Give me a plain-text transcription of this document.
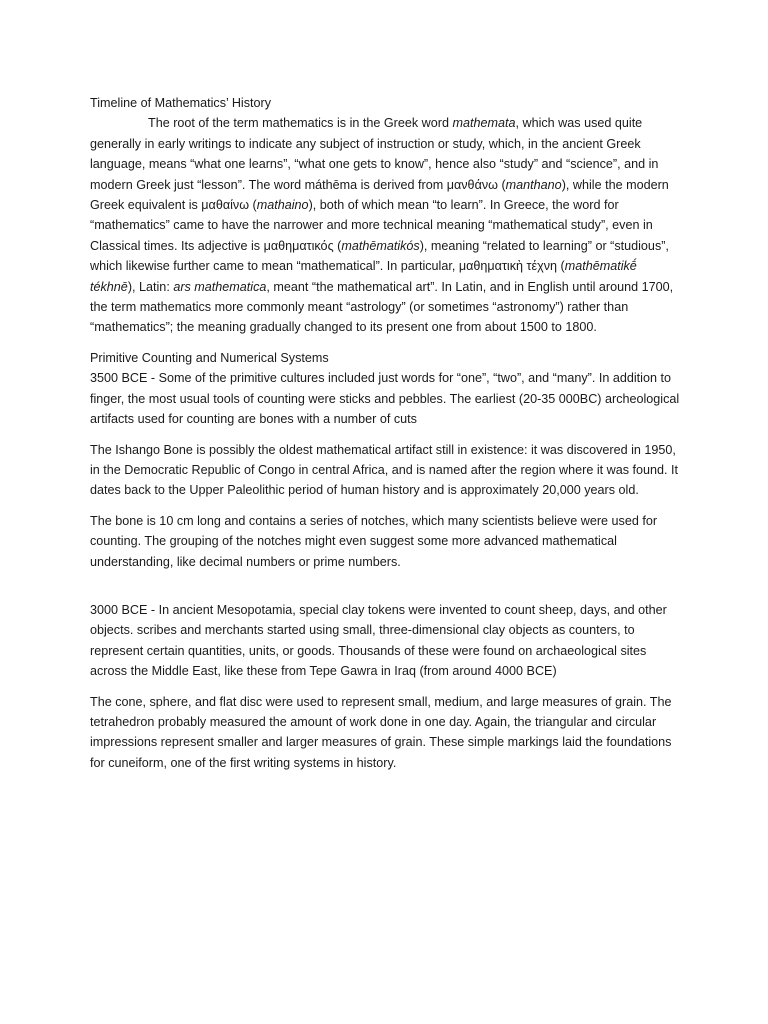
Timeline of Mathematics’ History

The root of the term mathematics is in the Greek word mathemata, which was used quite generally in early writings to indicate any subject of instruction or study, which, in the ancient Greek language, means “what one learns”, “what one gets to know”, hence also “study” and “science”, and in modern Greek just “lesson”. The word máthēma is derived from μανθάνω (manthano), while the modern Greek equivalent is μαθαίνω (mathaino), both of which mean “to learn”. In Greece, the word for “mathematics” came to have the narrower and more technical meaning “mathematical study”, even in Classical times. Its adjective is μαθηματικός (mathēmatikós), meaning “related to learning” or “studious”, which likewise further came to mean “mathematical”. In particular, μαθηματικὴ τέχνη (mathēmatikḗ tékhnē), Latin: ars mathematica, meant “the mathematical art”. In Latin, and in English until around 1700, the term mathematics more commonly meant “astrology” (or sometimes “astronomy”) rather than “mathematics”; the meaning gradually changed to its present one from about 1500 to 1800.

Primitive Counting and Numerical Systems

3500 BCE - Some of the primitive cultures included just words for “one”, “two”, and “many”. In addition to finger, the most usual tools of counting were sticks and pebbles. The earliest (20-35 000BC) archeological artifacts used for counting are bones with a number of cuts

The Ishango Bone is possibly the oldest mathematical artifact still in existence: it was discovered in 1950, in the Democratic Republic of Congo in central Africa, and is named after the region where it was found. It dates back to the Upper Paleolithic period of human history and is approximately 20,000 years old.

The bone is 10 cm long and contains a series of notches, which many scientists believe were used for counting. The grouping of the notches might even suggest some more advanced mathematical understanding, like decimal numbers or prime numbers.

3000 BCE - In ancient Mesopotamia, special clay tokens were invented to count sheep, days, and other objects. scribes and merchants started using small, three-dimensional clay objects as counters, to represent certain quantities, units, or goods. Thousands of these were found on archaeological sites across the Middle East, like these from Tepe Gawra in Iraq (from around 4000 BCE)

The cone, sphere, and flat disc were used to represent small, medium, and large measures of grain. The tetrahedron probably measured the amount of work done in one day. Again, the triangular and circular impressions represent smaller and larger measures of grain. These simple markings laid the foundations for cuneiform, one of the first writing systems in history.
